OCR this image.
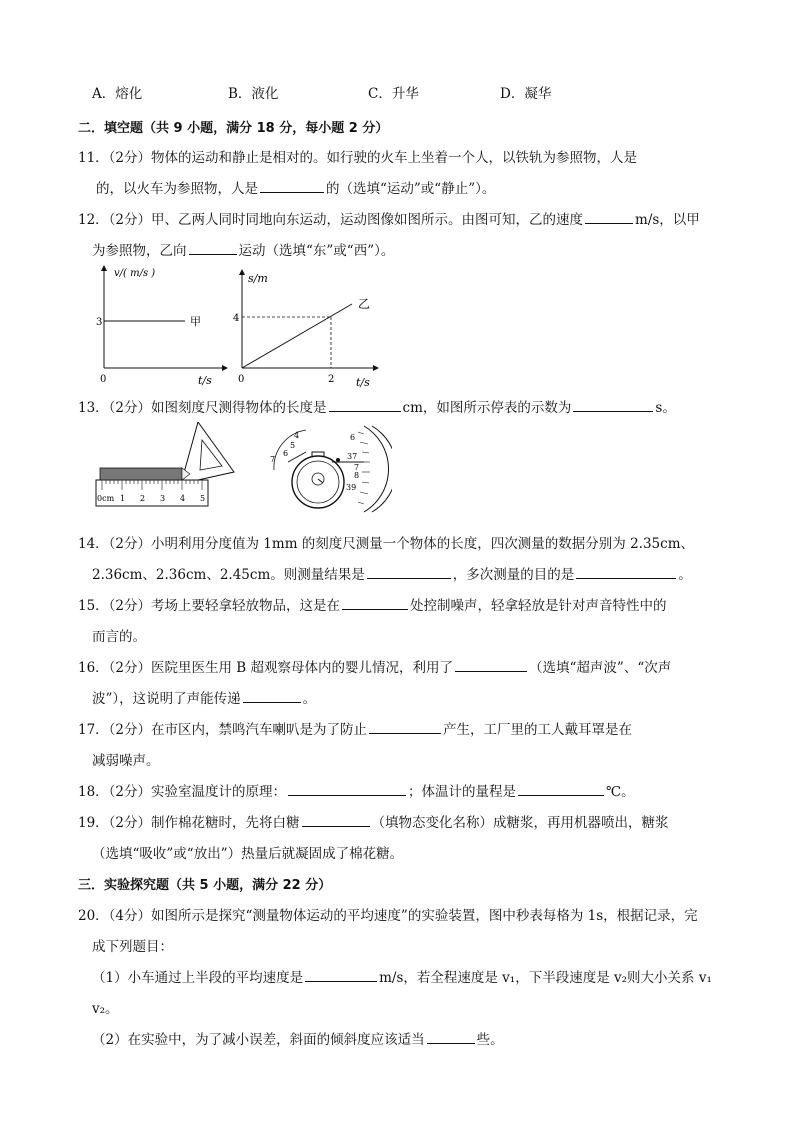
A．熔化	B．液化	C．升华	D．凝华
二．填空题（共 9 小题，满分 18 分，每小题 2 分）
11．（2分）物体的运动和静止是相对的。如行驶的火车上坐着一个人，以铁轨为参照物，人是
的，以火车为参照物，人是	的（选填“运动”或“静止”）。
12．（2分）甲、乙两人同时同地向东运动，运动图像如图所示。由图可知，乙的速度	m/s，以甲
为参照物，乙向	运动（选填“东”或“西”）。
v/( m/s )
3
0	t/s
甲
s/m
4
0	2 t/s
乙
13．（2分）如图刻度尺测得物体的长度是	cm，如图所示停表的示数为	s。
0cm 1 2 3 4 5
4
5
6
7
6
37
7
8
39
14．（2分）小明利用分度值为 1mm 的刻度尺测量一个物体的长度，四次测量的数据分别为 2.35cm、
2.36cm、2.36cm、2.45cm。则测量结果是	，多次测量的目的是	。
15．（2分）考场上要轻拿轻放物品，这是在	处控制噪声，轻拿轻放是针对声音特性中的
而言的。
16．（2分）医院里医生用 B 超观察母体内的婴儿情况，利用了	（选填“超声波”、“次声
波”），这说明了声能传递	。
17．（2分）在市区内，禁鸣汽车喇叭是为了防止	产生，工厂里的工人戴耳罩是在
减弱噪声。
18．（2分）实验室温度计的原理：	；体温计的量程是	℃。
19．（2分）制作棉花糖时，先将白糖	（填物态变化名称）成糖浆，再用机器喷出，糖浆
（选填“吸收”或“放出”）热量后就凝固成了棉花糖。
三．实验探究题（共 5 小题，满分 22 分）
20．（4分）如图所示是探究“测量物体运动的平均速度”的实验装置，图中秒表每格为 1s，根据记录，完
成下列题目：
（1）小车通过上半段的平均速度是	m/s，若全程速度是 v₁，下半段速度是 v₂则大小关系 v₁
v₂。
（2）在实验中，为了减小误差，斜面的倾斜度应该适当	些。
